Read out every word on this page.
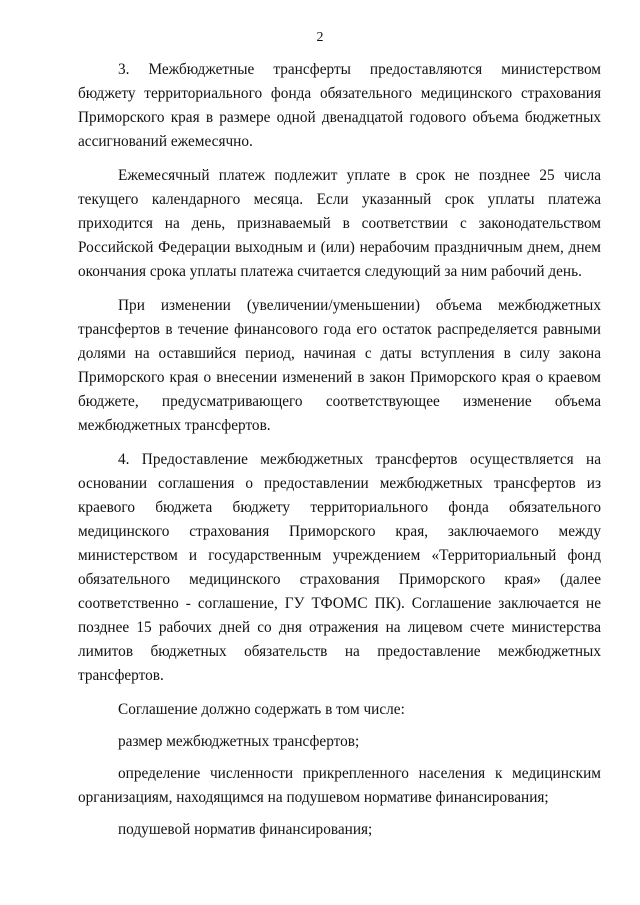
2

3. Межбюджетные трансферты предоставляются министерством бюджету территориального фонда обязательного медицинского страхования Приморского края в размере одной двенадцатой годового объема бюджетных ассигнований ежемесячно.

Ежемесячный платеж подлежит уплате в срок не позднее 25 числа текущего календарного месяца. Если указанный срок уплаты платежа приходится на день, признаваемый в соответствии с законодательством Российской Федерации выходным и (или) нерабочим праздничным днем, днем окончания срока уплаты платежа считается следующий за ним рабочий день.

При изменении (увеличении/уменьшении) объема межбюджетных трансфертов в течение финансового года его остаток распределяется равными долями на оставшийся период, начиная с даты вступления в силу закона Приморского края о внесении изменений в закон Приморского края о краевом бюджете, предусматривающего соответствующее изменение объема межбюджетных трансфертов.

4. Предоставление межбюджетных трансфертов осуществляется на основании соглашения о предоставлении межбюджетных трансфертов из краевого бюджета бюджету территориального фонда обязательного медицинского страхования Приморского края, заключаемого между министерством и государственным учреждением «Территориальный фонд обязательного медицинского страхования Приморского края» (далее соответственно - соглашение, ГУ ТФОМС ПК). Соглашение заключается не позднее 15 рабочих дней со дня отражения на лицевом счете министерства лимитов бюджетных обязательств на предоставление межбюджетных трансфертов.

Соглашение должно содержать в том числе:

размер межбюджетных трансфертов;

определение численности прикрепленного населения к медицинским организациям, находящимся на подушевом нормативе финансирования;

подушевой норматив финансирования;
